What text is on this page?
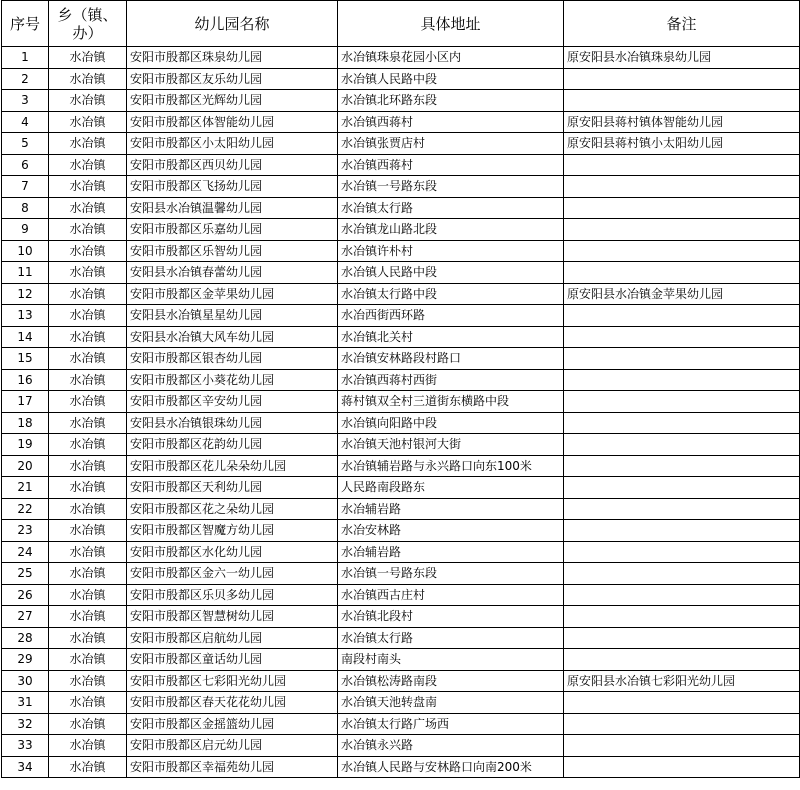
序号	乡（镇、办）	幼儿园名称	具体地址	备注
1	水冶镇	安阳市殷都区珠泉幼儿园	水冶镇珠泉花园小区内	原安阳县水冶镇珠泉幼儿园
2	水冶镇	安阳市殷都区友乐幼儿园	水冶镇人民路中段	
3	水冶镇	安阳市殷都区光辉幼儿园	水冶镇北环路东段	
4	水冶镇	安阳市殷都区体智能幼儿园	水冶镇西蒋村	原安阳县蒋村镇体智能幼儿园
5	水冶镇	安阳市殷都区小太阳幼儿园	水冶镇张贾店村	原安阳县蒋村镇小太阳幼儿园
6	水冶镇	安阳市殷都区西贝幼儿园	水冶镇西蒋村	
7	水冶镇	安阳市殷都区飞扬幼儿园	水冶镇一号路东段	
8	水冶镇	安阳县水冶镇温馨幼儿园	水冶镇太行路	
9	水冶镇	安阳市殷都区乐嘉幼儿园	水冶镇龙山路北段	
10	水冶镇	安阳市殷都区乐智幼儿园	水冶镇许朴村	
11	水冶镇	安阳县水冶镇春蕾幼儿园	水冶镇人民路中段	
12	水冶镇	安阳市殷都区金苹果幼儿园	水冶镇太行路中段	原安阳县水冶镇金苹果幼儿园
13	水冶镇	安阳县水冶镇星星幼儿园	水冶西街西环路	
14	水冶镇	安阳县水冶镇大风车幼儿园	水冶镇北关村	
15	水冶镇	安阳市殷都区银杏幼儿园	水冶镇安林路段村路口	
16	水冶镇	安阳市殷都区小葵花幼儿园	水冶镇西蒋村西街	
17	水冶镇	安阳市殷都区辛安幼儿园	蒋村镇双全村三道街东横路中段	
18	水冶镇	安阳县水冶镇银珠幼儿园	水冶镇向阳路中段	
19	水冶镇	安阳市殷都区花韵幼儿园	水冶镇天池村银河大街	
20	水冶镇	安阳市殷都区花儿朵朵幼儿园	水冶镇辅岩路与永兴路口向东100米	
21	水冶镇	安阳市殷都区天利幼儿园	人民路南段路东	
22	水冶镇	安阳市殷都区花之朵幼儿园	水冶辅岩路	
23	水冶镇	安阳市殷都区智魔方幼儿园	水冶安林路	
24	水冶镇	安阳市殷都区水化幼儿园	水冶辅岩路	
25	水冶镇	安阳市殷都区金六一幼儿园	水冶镇一号路东段	
26	水冶镇	安阳市殷都区乐贝多幼儿园	水冶镇西古庄村	
27	水冶镇	安阳市殷都区智慧树幼儿园	水冶镇北段村	
28	水冶镇	安阳市殷都区启航幼儿园	水冶镇太行路	
29	水冶镇	安阳市殷都区童话幼儿园	南段村南头	
30	水冶镇	安阳市殷都区七彩阳光幼儿园	水冶镇松涛路南段	原安阳县水冶镇七彩阳光幼儿园
31	水冶镇	安阳市殷都区春天花花幼儿园	水冶镇天池转盘南	
32	水冶镇	安阳市殷都区金摇篮幼儿园	水冶镇太行路广场西	
33	水冶镇	安阳市殷都区启元幼儿园	水冶镇永兴路	
34	水冶镇	安阳市殷都区幸福苑幼儿园	水冶镇人民路与安林路口向南200米	
